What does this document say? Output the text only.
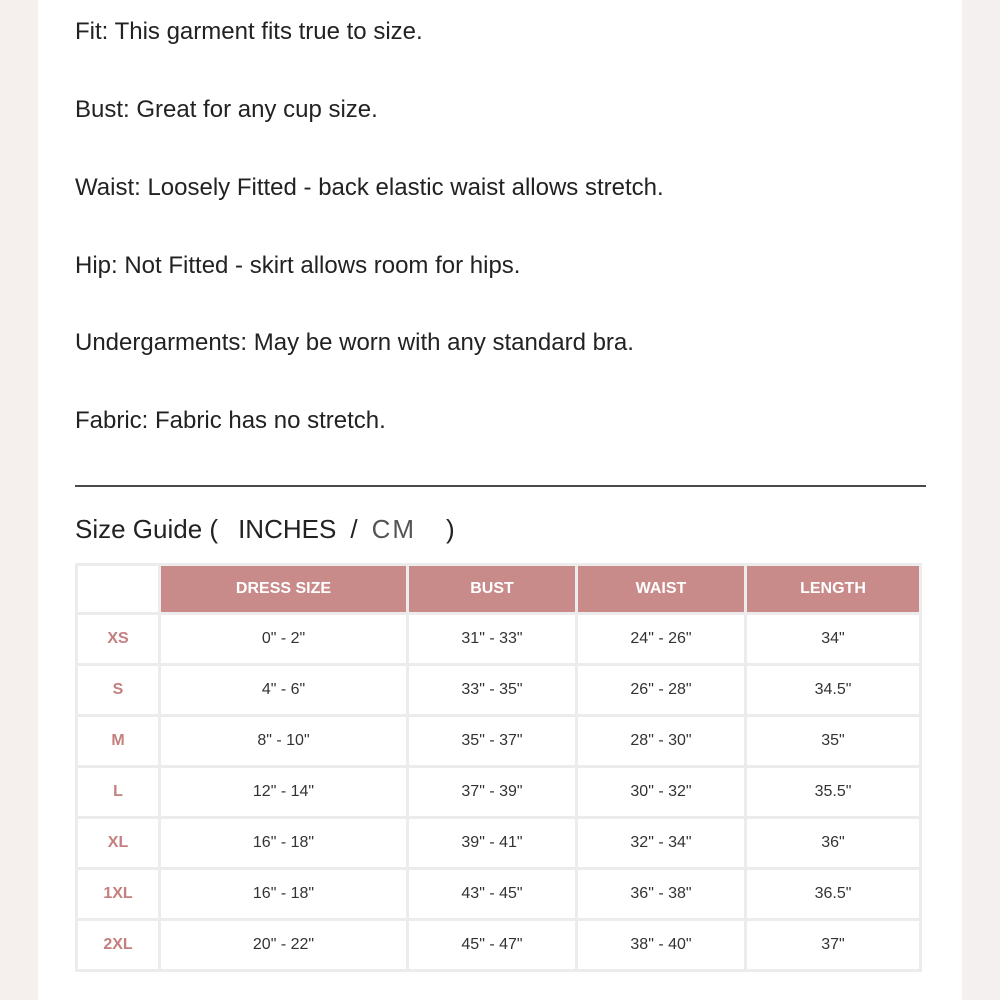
Fit: This garment fits true to size.
Bust: Great for any cup size.
Waist: Loosely Fitted - back elastic waist allows stretch.
Hip: Not Fitted - skirt allows room for hips.
Undergarments: May be worn with any standard bra.
Fabric: Fabric has no stretch.
Size Guide ( INCHES / CM )
	DRESS SIZE	BUST	WAIST	LENGTH
XS	0" - 2"	31" - 33"	24" - 26"	34"
S	4" - 6"	33" - 35"	26" - 28"	34.5"
M	8" - 10"	35" - 37"	28" - 30"	35"
L	12" - 14"	37" - 39"	30" - 32"	35.5"
XL	16" - 18"	39" - 41"	32" - 34"	36"
1XL	16" - 18"	43" - 45"	36" - 38"	36.5"
2XL	20" - 22"	45" - 47"	38" - 40"	37"
